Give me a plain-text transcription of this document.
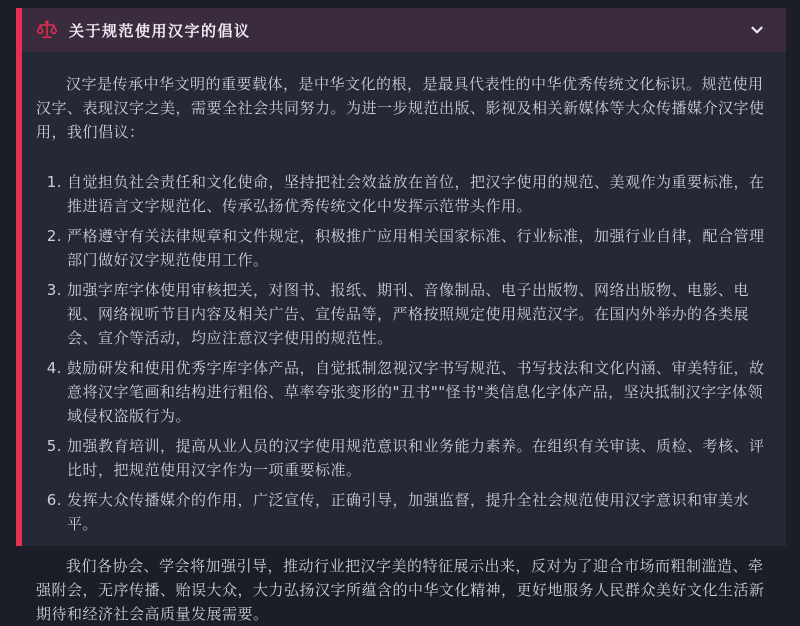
关于规范使用汉字的倡议

汉字是传承中华文明的重要载体，是中华文化的根，是最具代表性的中华优秀传统文化标识。规范使用汉字、表现汉字之美，需要全社会共同努力。为进一步规范出版、影视及相关新媒体等大众传播媒介汉字使用，我们倡议：

1. 自觉担负社会责任和文化使命，坚持把社会效益放在首位，把汉字使用的规范、美观作为重要标准，在推进语言文字规范化、传承弘扬优秀传统文化中发挥示范带头作用。
2. 严格遵守有关法律规章和文件规定，积极推广应用相关国家标准、行业标准，加强行业自律，配合管理部门做好汉字规范使用工作。
3. 加强字库字体使用审核把关，对图书、报纸、期刊、音像制品、电子出版物、网络出版物、电影、电视、网络视听节目内容及相关广告、宣传品等，严格按照规定使用规范汉字。在国内外举办的各类展会、宣介等活动，均应注意汉字使用的规范性。
4. 鼓励研发和使用优秀字库字体产品，自觉抵制忽视汉字书写规范、书写技法和文化内涵、审美特征，故意将汉字笔画和结构进行粗俗、草率夸张变形的"丑书""怪书"类信息化字体产品，坚决抵制汉字字体领域侵权盗版行为。
5. 加强教育培训，提高从业人员的汉字使用规范意识和业务能力素养。在组织有关审读、质检、考核、评比时，把规范使用汉字作为一项重要标准。
6. 发挥大众传播媒介的作用，广泛宣传，正确引导，加强监督，提升全社会规范使用汉字意识和审美水平。

我们各协会、学会将加强引导，推动行业把汉字美的特征展示出来，反对为了迎合市场而粗制滥造、牵强附会，无序传播、贻误大众，大力弘扬汉字所蕴含的中华文化精神，更好地服务人民群众美好文化生活新期待和经济社会高质量发展需要。
